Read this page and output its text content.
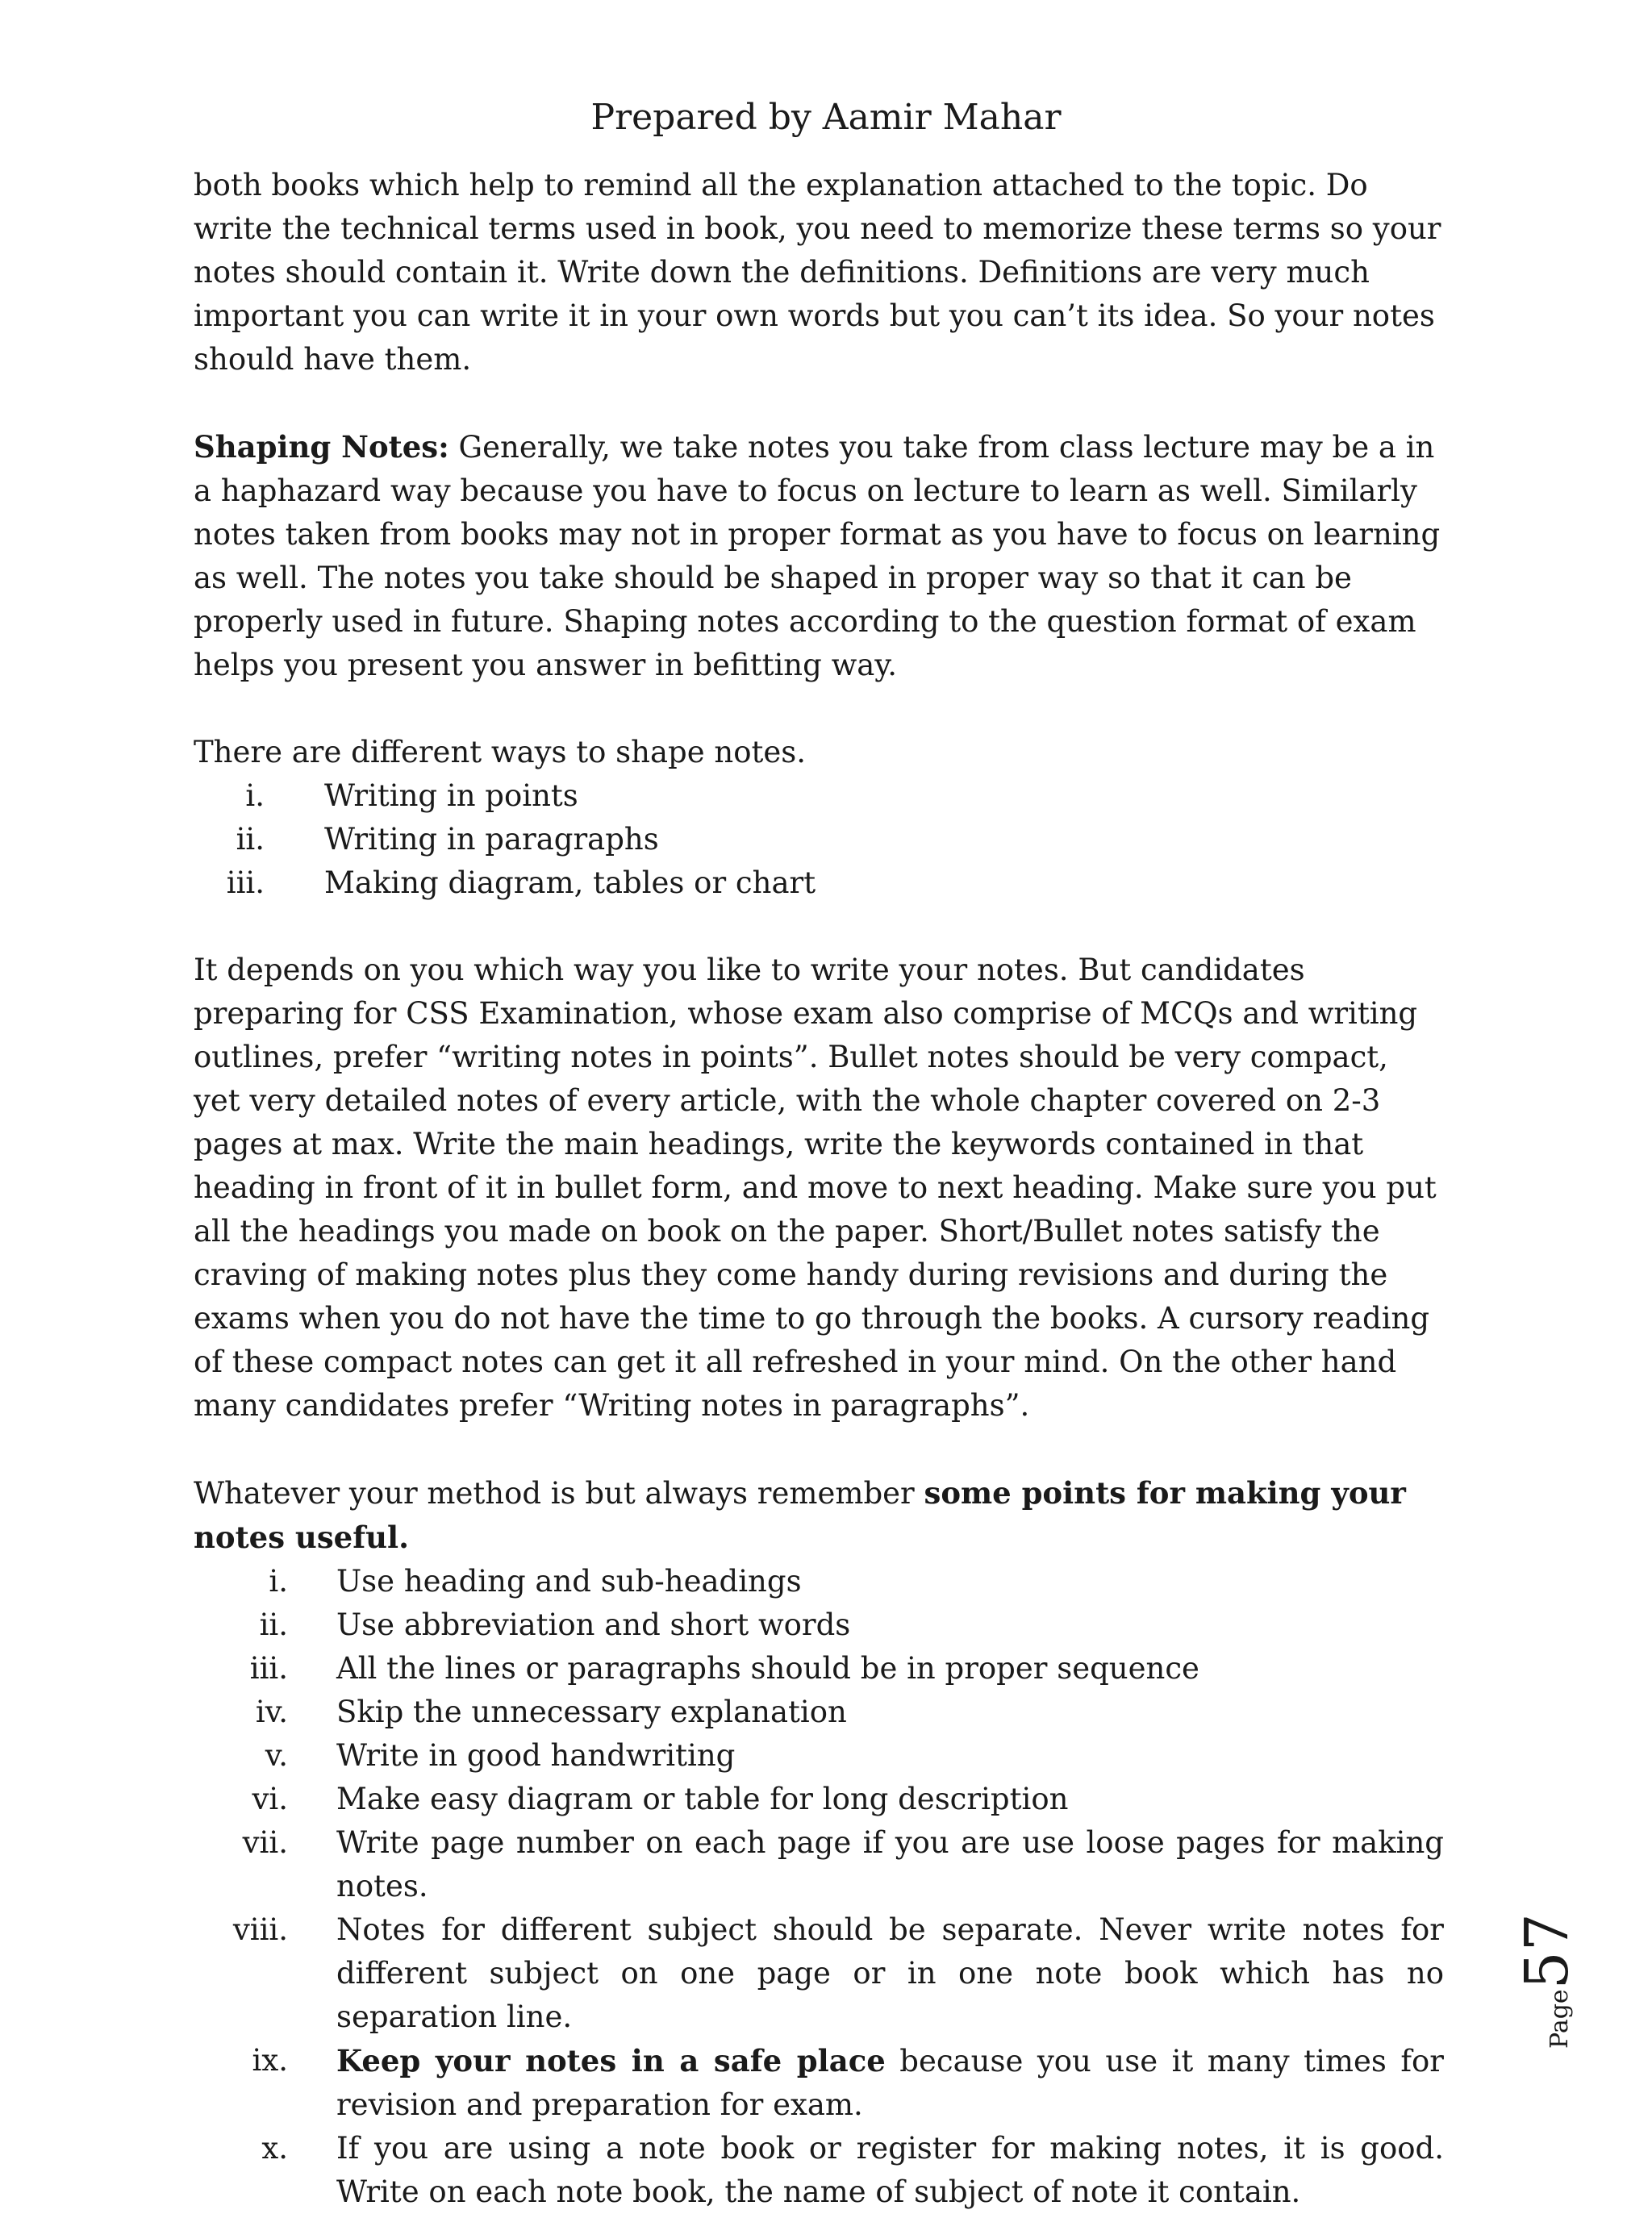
Prepared by Aamir Mahar

both books which help to remind all the explanation attached to the topic. Do write the technical terms used in book, you need to memorize these terms so your notes should contain it. Write down the definitions. Definitions are very much important you can write it in your own words but you can’t its idea. So your notes should have them.

Shaping Notes: Generally, we take notes you take from class lecture may be a in a haphazard way because you have to focus on lecture to learn as well. Similarly notes taken from books may not in proper format as you have to focus on learning as well. The notes you take should be shaped in proper way so that it can be properly used in future. Shaping notes according to the question format of exam helps you present you answer in befitting way.

There are different ways to shape notes.

i. Writing in points
ii. Writing in paragraphs
iii. Making diagram, tables or chart

It depends on you which way you like to write your notes. But candidates preparing for CSS Examination, whose exam also comprise of MCQs and writing outlines, prefer “writing notes in points”. Bullet notes should be very compact, yet very detailed notes of every article, with the whole chapter covered on 2-3 pages at max. Write the main headings, write the keywords contained in that heading in front of it in bullet form, and move to next heading. Make sure you put all the headings you made on book on the paper. Short/Bullet notes satisfy the craving of making notes plus they come handy during revisions and during the exams when you do not have the time to go through the books. A cursory reading of these compact notes can get it all refreshed in your mind. On the other hand many candidates prefer “Writing notes in paragraphs”.

Whatever your method is but always remember some points for making your notes useful.

i. Use heading and sub-headings
ii. Use abbreviation and short words
iii. All the lines or paragraphs should be in proper sequence
iv. Skip the unnecessary explanation
v. Write in good handwriting
vi. Make easy diagram or table for long description
vii. Write page number on each page if you are use loose pages for making notes.
viii. Notes for different subject should be separate. Never write notes for different subject on one page or in one note book which has no separation line.
ix. Keep your notes in a safe place because you use it many times for revision and preparation for exam.
x. If you are using a note book or register for making notes, it is good. Write on each note book, the name of subject of note it contain.
Page57
